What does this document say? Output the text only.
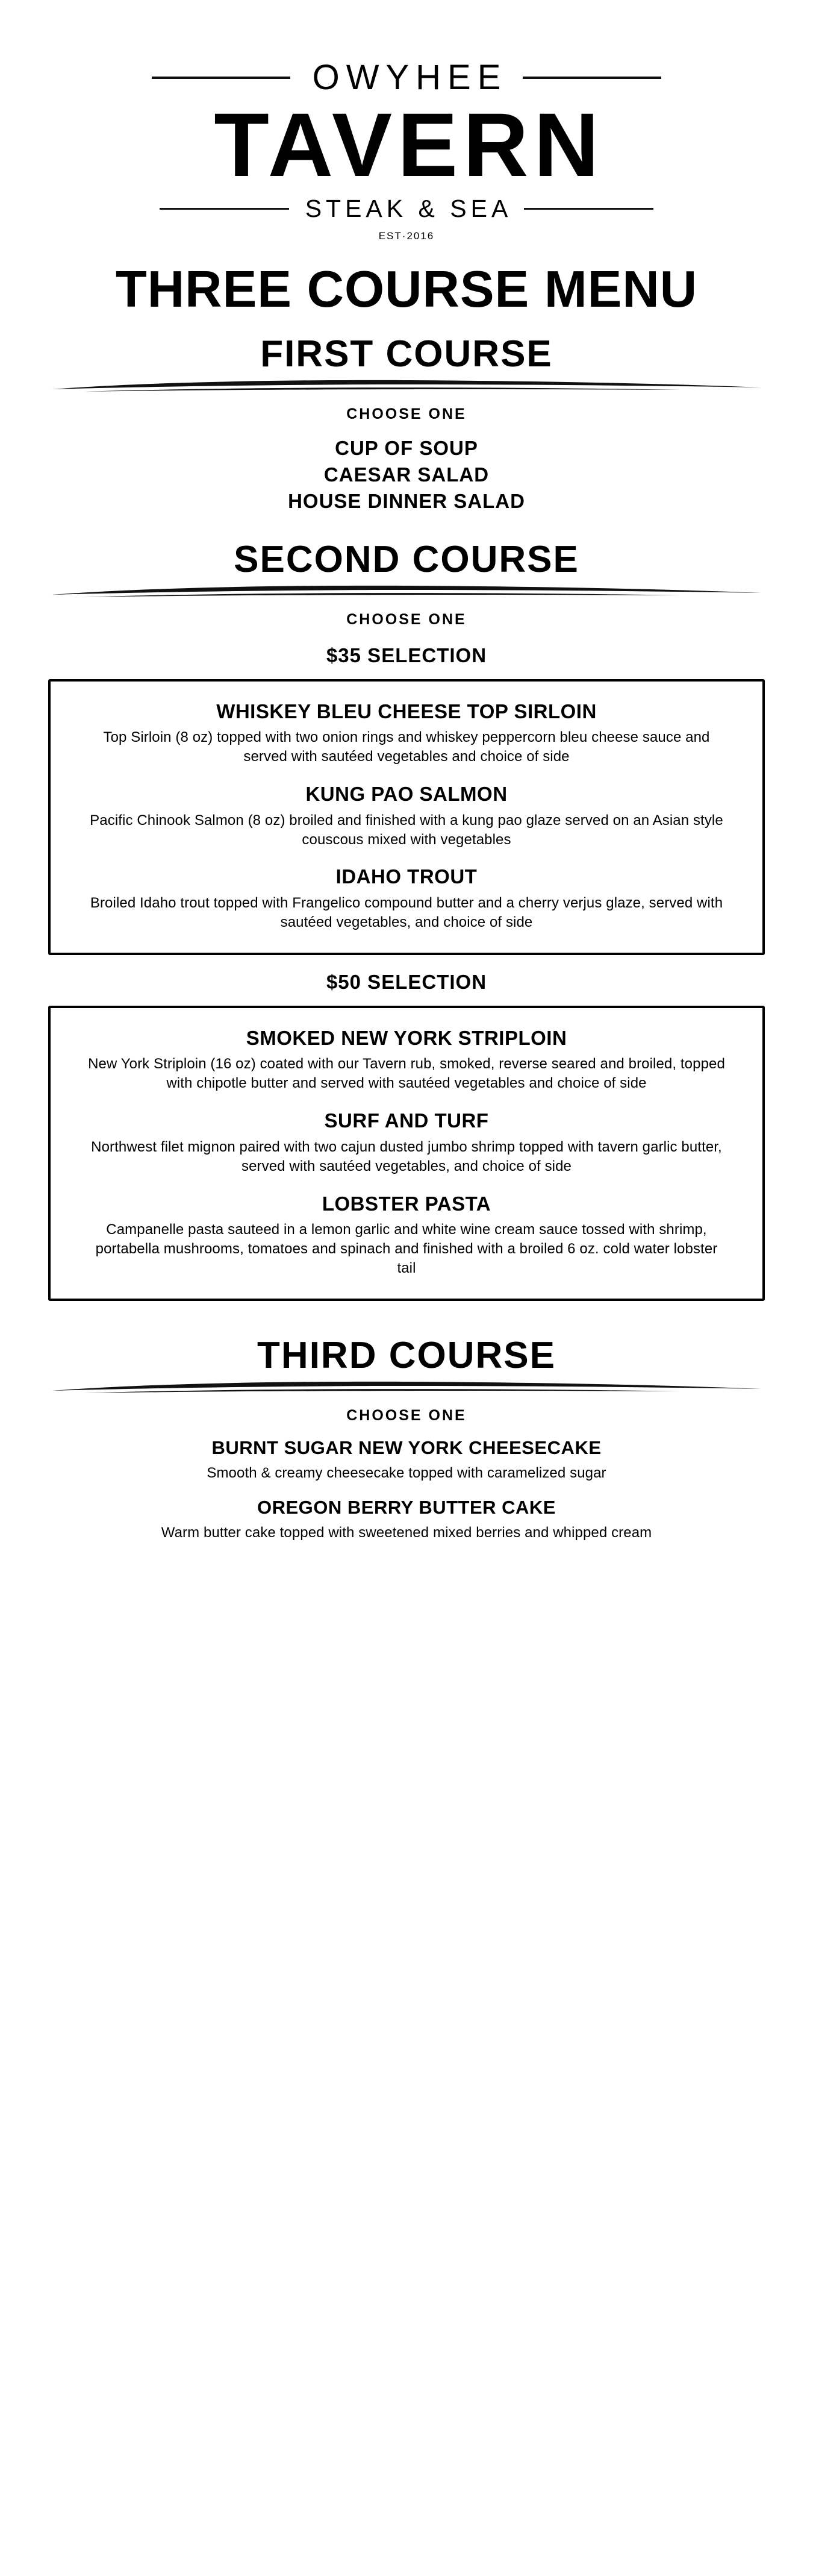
OWYHEE
TAVERN
STEAK & SEA
EST·2016
THREE COURSE MENU
FIRST COURSE
CHOOSE ONE
CUP OF SOUP
CAESAR SALAD
HOUSE DINNER SALAD
SECOND COURSE
CHOOSE ONE
$35 SELECTION
WHISKEY BLEU CHEESE TOP SIRLOIN
Top Sirloin (8 oz) topped with two onion rings and whiskey peppercorn bleu cheese sauce and served with sautéed vegetables and choice of side
KUNG PAO SALMON
Pacific Chinook Salmon (8 oz) broiled and finished with a kung pao glaze served on an Asian style couscous mixed with vegetables
IDAHO TROUT
Broiled Idaho trout topped with Frangelico compound butter and a cherry verjus glaze, served with sautéed vegetables, and choice of side
$50 SELECTION
SMOKED NEW YORK STRIPLOIN
New York Striploin (16 oz) coated with our Tavern rub, smoked, reverse seared and broiled, topped with chipotle butter and served with sautéed vegetables and choice of side
SURF AND TURF
Northwest filet mignon paired with two cajun dusted jumbo shrimp topped with tavern garlic butter, served with sautéed vegetables, and choice of side
LOBSTER PASTA
Campanelle pasta sauteed in a lemon garlic and white wine cream sauce tossed with shrimp, portabella mushrooms, tomatoes and spinach and finished with a broiled 6 oz. cold water lobster tail
THIRD COURSE
CHOOSE ONE
BURNT SUGAR NEW YORK CHEESECAKE
Smooth & creamy cheesecake topped with caramelized sugar
OREGON BERRY BUTTER CAKE
Warm butter cake topped with sweetened mixed berries and whipped cream
